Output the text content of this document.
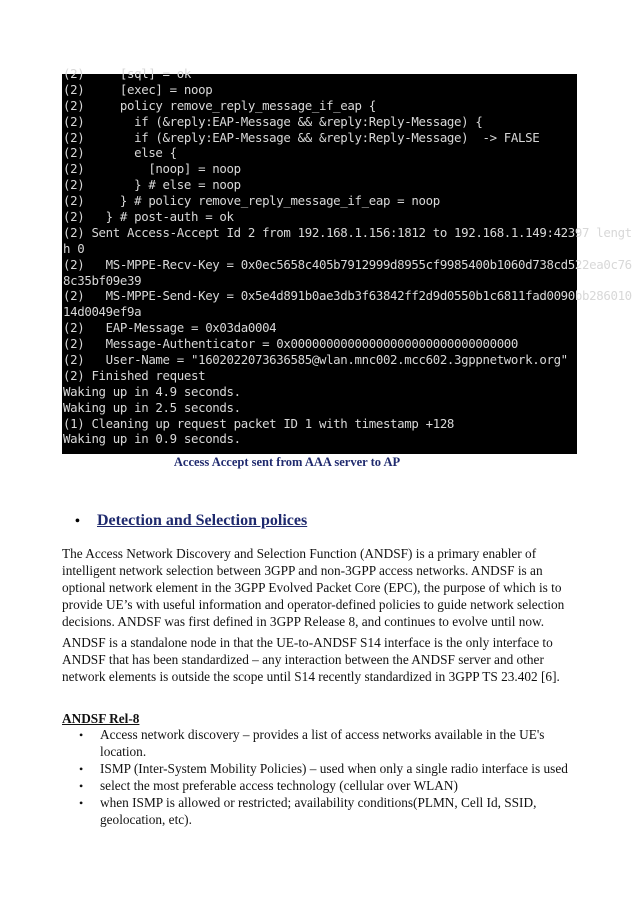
(2)     [sql] = ok
(2)     [exec] = noop
(2)     policy remove_reply_message_if_eap {
(2)       if (&reply:EAP-Message && &reply:Reply-Message) {
(2)       if (&reply:EAP-Message && &reply:Reply-Message)  -> FALSE
(2)       else {
(2)         [noop] = noop
(2)       } # else = noop
(2)     } # policy remove_reply_message_if_eap = noop
(2)   } # post-auth = ok
(2) Sent Access-Accept Id 2 from 192.168.1.156:1812 to 192.168.1.149:42397 lengt
h 0
(2)   MS-MPPE-Recv-Key = 0x0ec5658c405b7912999d8955cf9985400b1060d738cd522ea0c76
8c35bf09e39
(2)   MS-MPPE-Send-Key = 0x5e4d891b0ae3db3f63842ff2d9d0550b1c6811fad0090bb286010
14d0049ef9a
(2)   EAP-Message = 0x03da0004
(2)   Message-Authenticator = 0x00000000000000000000000000000000
(2)   User-Name = "1602022073636585@wlan.mnc002.mcc602.3gppnetwork.org"
(2) Finished request
Waking up in 4.9 seconds.
Waking up in 2.5 seconds.
(1) Cleaning up request packet ID 1 with timestamp +128
Waking up in 0.9 seconds.
Access Accept sent from AAA server to AP
• Detection and Selection polices

The Access Network Discovery and Selection Function (ANDSF) is a primary enabler of intelligent network selection between 3GPP and non-3GPP access networks. ANDSF is an optional network element in the 3GPP Evolved Packet Core (EPC), the purpose of which is to provide UE’s with useful information and operator-defined policies to guide network selection decisions. ANDSF was first defined in 3GPP Release 8, and continues to evolve until now.

ANDSF is a standalone node in that the UE-to-ANDSF S14 interface is the only interface to ANDSF that has been standardized – any interaction between the ANDSF server and other network elements is outside the scope until S14 recently standardized in 3GPP TS 23.402 [6].

ANDSF Rel-8
• Access network discovery – provides a list of access networks available in the UE's location.
• ISMP (Inter-System Mobility Policies) – used when only a single radio interface is used
• select the most preferable access technology (cellular over WLAN)
• when ISMP is allowed or restricted; availability conditions(PLMN, Cell Id, SSID, geolocation, etc).
